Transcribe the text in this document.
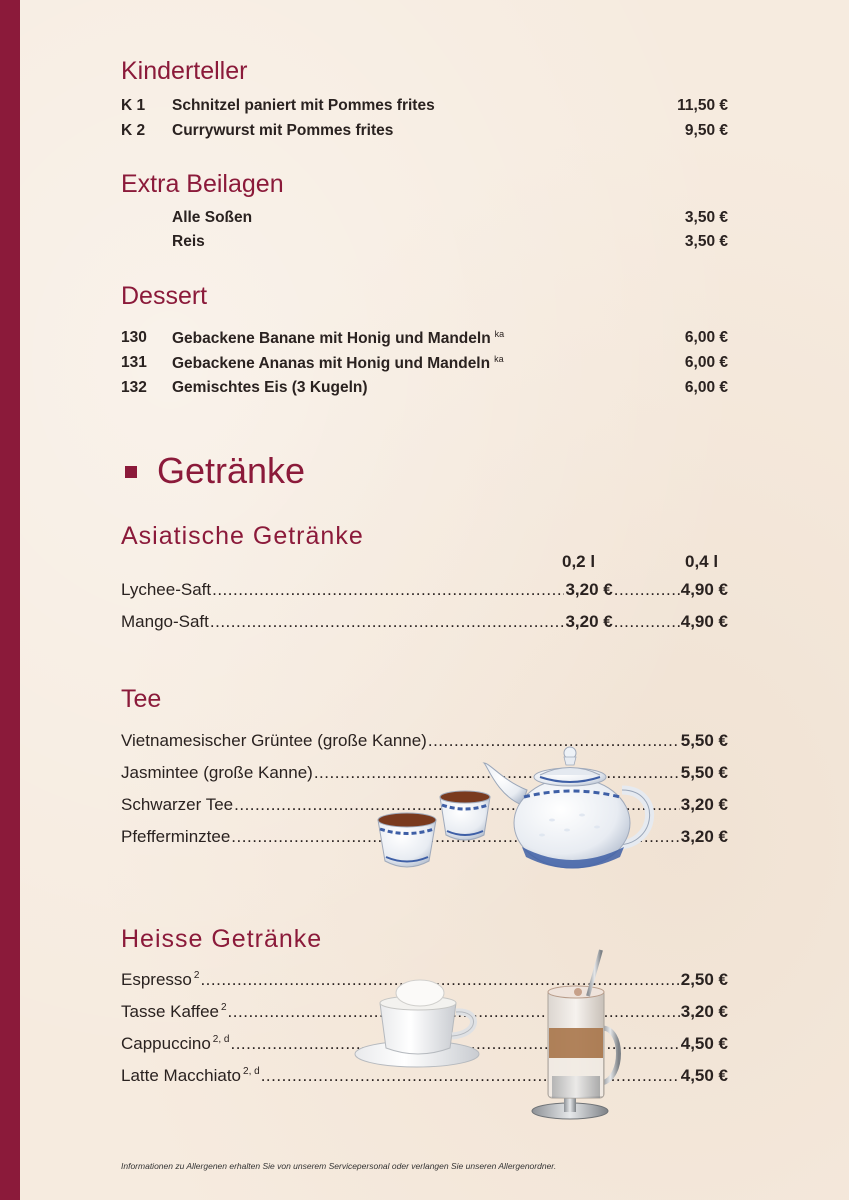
Kinderteller
K 1 Schnitzel paniert mit Pommes frites	11,50 €
K 2 Currywurst mit Pommes frites	9,50 €
Extra Beilagen
Alle Soßen	3,50 €
Reis	3,50 €
Dessert
130 Gebackene Banane mit Honig und Mandeln $^{ka}$	6,00 €
131 Gebackene Ananas mit Honig und Mandeln $^{ka}$	6,00 €
132 Gemischtes Eis (3 Kugeln)	6,00 €
Getränke
Asiatische Getränke
0,2 l	0,4 l
Lychee-Saft .....	3,20 € .....	4,90 €
Mango-Saft .....	3,20 € .....	4,90 €
Tee
Vietnamesischer Grüntee (große Kanne) .....	5,50 €
Jasmintee (große Kanne) .....	5,50 €
Schwarzer Tee .....	3,20 €
Pfefferminztee .....	3,20 €
Heisse Getränke
Espresso $^2$ .....	2,50 €
Tasse Kaffee $^2$ .....	3,20 €
Cappuccino $^{2, d}$ .....	4,50 €
Latte Macchiato $^{2, d}$ .....	4,50 €
Informationen zu Allergenen erhalten Sie von unserem Servicepersonal oder verlangen Sie unseren Allergenordner.
